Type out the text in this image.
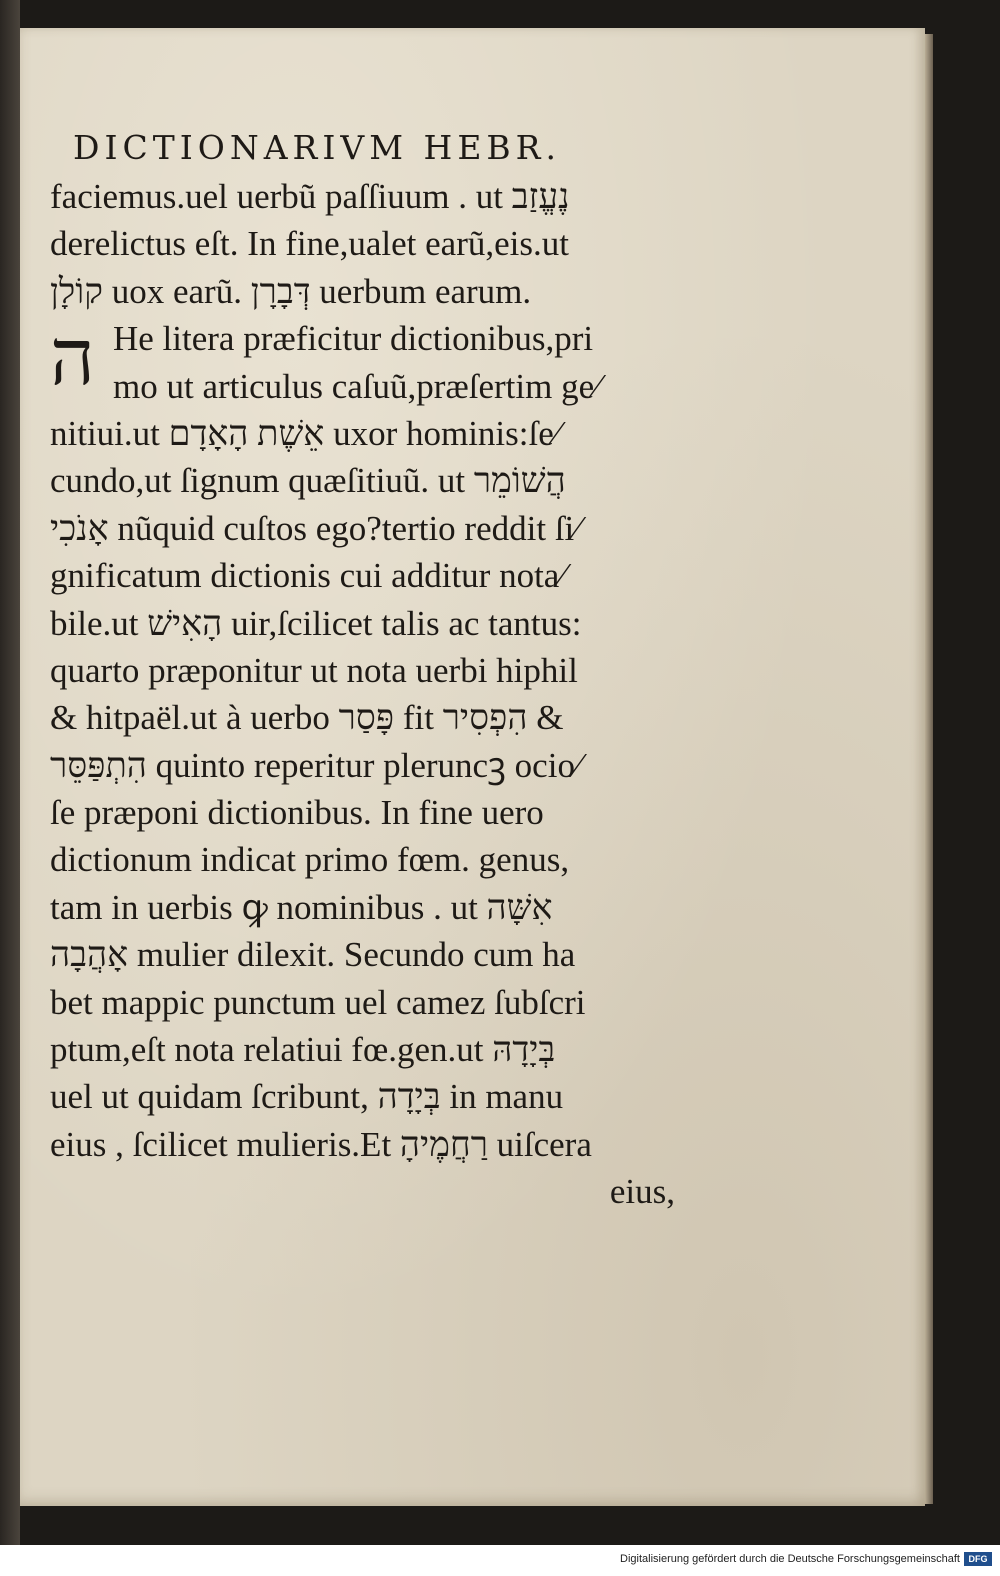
DICTIONARIVM HEBR.
ה
faciemus.uel uerbũ paſſiuum . ut נֶעֱזַב
derelictus eſt. In fine,ualet earũ,eis.ut
קוֹלָן uox earũ. דְּבָרָן uerbum earum.
He litera præficitur dictionibus,pri
mo ut articulus caſuũ,præſertim ge⁄
nitiui.ut אֵשֶׁת הָאָדָם uxor hominis:ſe⁄
cundo,ut ſignum quæſitiuũ. ut הֲשׁוֹמֵר
אָנֹכִי nũquid cuſtos ego?tertio reddit ſi⁄
gnificatum dictionis cui additur nota⁄
bile.ut הָאִישׁ uir,ſcilicet talis ac tantus:
quarto præponitur ut nota uerbi hiphil
& hitpaël.ut à uerbo פָּסַר fit הִפְסִיר &
הִתְפַּסֵּר quinto reperitur pleruncꝫ ocio⁄
ſe præponi dictionibus. In fine uero
dictionum indicat primo fœm. genus,
tam in uerbis ꝙ nominibus . ut אִשָּׁה
אָהֲבָה mulier dilexit. Secundo cum ha
bet mappic punctum uel camez ſubſcri
ptum,eſt nota relatiui fœ.gen.ut בְּיָדָהּ
uel ut quidam ſcribunt, בְּיָדָה in manu
eius , ſcilicet mulieris.Et רַחֲמֶיהָ uiſcera
eius,
Digitalisierung gefördert durch die Deutsche Forschungsgemeinschaft DFG
